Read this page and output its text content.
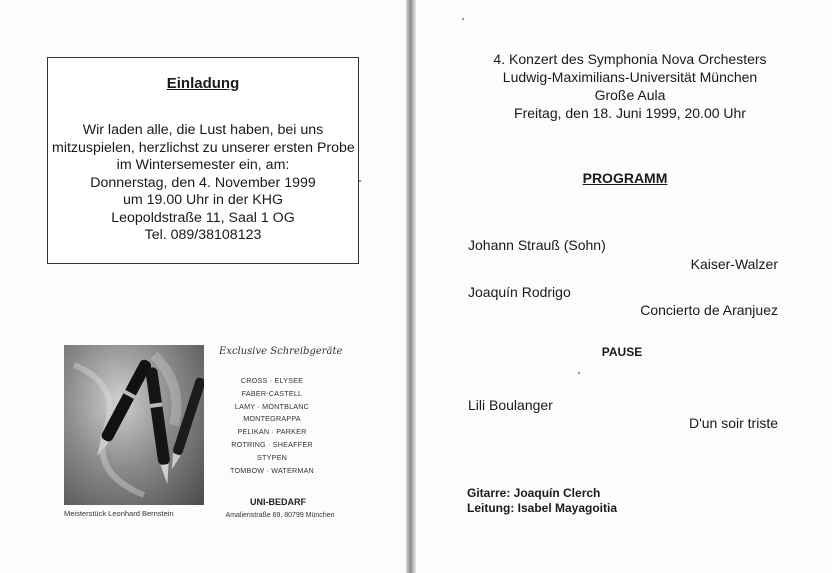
Einladung
Wir laden alle, die Lust haben, bei uns
mitzuspielen, herzlichst zu unserer ersten Probe
im Wintersemester ein, am:
Donnerstag, den 4. November 1999
um 19.00 Uhr in der KHG
Leopoldstraße 11, Saal 1 OG
Tel. 089/38108123
Meisterstück Leonhard Bernstein
Exclusive Schreibgeräte
CROSS · ELYSEE
FABER-CASTELL
LAMY · MONTBLANC
MONTEGRAPPA
PELIKAN · PARKER
ROTRING · SHEAFFER
STYPEN
TOMBOW · WATERMAN
UNI-BEDARF
Amalienstraße 69, 80799 München
4. Konzert des Symphonia Nova Orchesters
Ludwig-Maximilians-Universität München
Große Aula
Freitag, den 18. Juni 1999, 20.00 Uhr
PROGRAMM
Johann Strauß (Sohn)
Kaiser-Walzer
Joaquín Rodrigo
Concierto de Aranjuez
PAUSE
Lili Boulanger
D'un soir triste
Gitarre: Joaquín Clerch
Leitung: Isabel Mayagoitia
